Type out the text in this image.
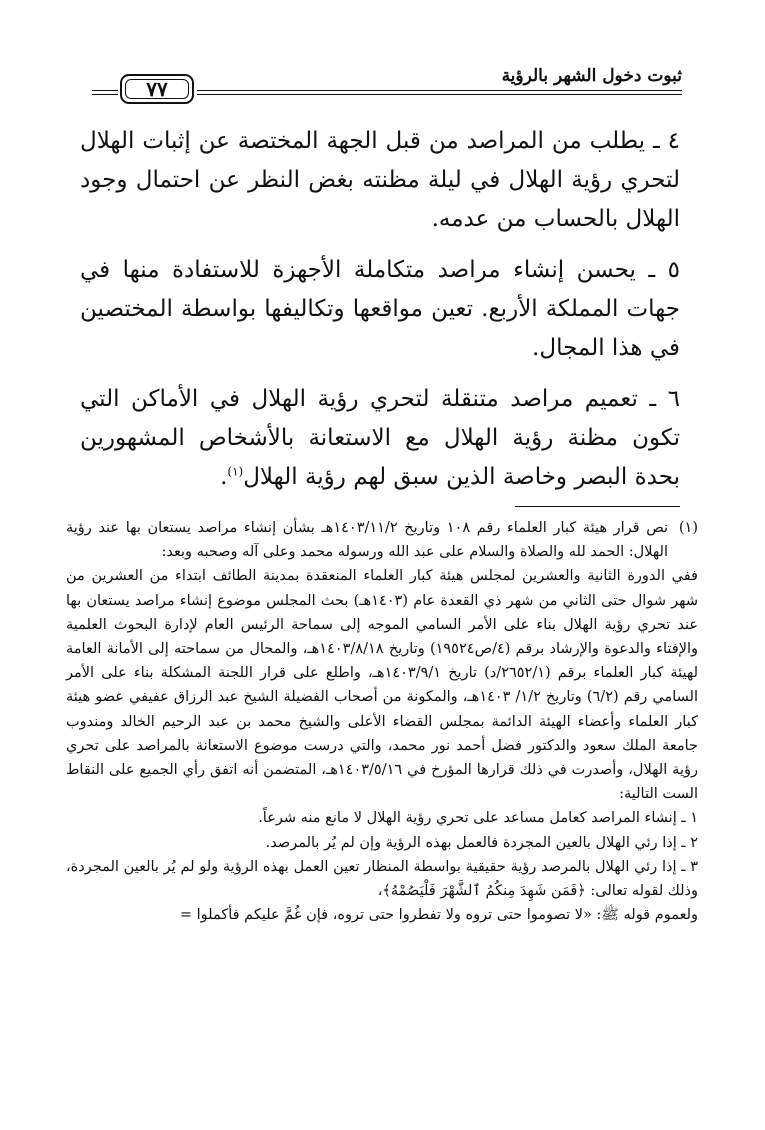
ثبوت دخول الشهر بالرؤية
٧٧

٤ ـ يطلب من المراصد من قبل الجهة المختصة عن إثبات الهلال لتحري رؤية الهلال في ليلة مظنته بغض النظر عن احتمال وجود الهلال بالحساب من عدمه.

٥ ـ يحسن إنشاء مراصد متكاملة الأجهزة للاستفادة منها في جهات المملكة الأربع. تعين مواقعها وتكاليفها بواسطة المختصين في هذا المجال.

٦ ـ تعميم مراصد متنقلة لتحري رؤية الهلال في الأماكن التي تكون مظنة رؤية الهلال مع الاستعانة بالأشخاص المشهورين بحدة البصر وخاصة الذين سبق لهم رؤية الهلال$^{(١)}$.

(١)
نص قرار هيئة كبار العلماء رقم ١٠٨ وتاريخ ١٤٠٣/١١/٢هـ بشأن إنشاء مراصد يستعان بها عند رؤية الهلال: الحمد لله والصلاة والسلام على عبد الله ورسوله محمد وعلى آله وصحبه وبعد:
ففي الدورة الثانية والعشرين لمجلس هيئة كبار العلماء المنعقدة بمدينة الطائف ابتداء من العشرين من شهر شوال حتى الثاني من شهر ذي القعدة عام (١٤٠٣هـ) بحث المجلس موضوع إنشاء مراصد يستعان بها عند تحري رؤية الهلال بناء على الأمر السامي الموجه إلى سماحة الرئيس العام لإدارة البحوث العلمية والإفتاء والدعوة والإرشاد برقم (٤/ص١٩٥٢٤) وتاريخ ١٤٠٣/٨/١٨هـ، والمحال من سماحته إلى الأمانة العامة لهيئة كبار العلماء برقم (٢٦٥٢/١/د) تاريخ ١٤٠٣/٩/١هـ، واطلع على قرار اللجنة المشكلة بناء على الأمر السامي رقم (٦/٢) وتاريخ ١/٢/ ١٤٠٣هـ، والمكونة من أصحاب الفضيلة الشيخ عبد الرزاق عفيفي عضو هيئة كبار العلماء وأعضاء الهيئة الدائمة بمجلس القضاء الأعلى والشيخ محمد بن عبد الرحيم الخالد ومندوب جامعة الملك سعود والدكتور فضل أحمد نور محمد، والتي درست موضوع الاستعانة بالمراصد على تحري رؤية الهلال، وأصدرت في ذلك قرارها المؤرخ في ١٤٠٣/٥/١٦هـ، المتضمن أنه اتفق رأي الجميع على النقاط الست التالية:
١ ـ إنشاء المراصد كعامل مساعد على تحري رؤية الهلال لا مانع منه شرعاً.
٢ ـ إذا رئي الهلال بالعين المجردة فالعمل بهذه الرؤية وإن لم يُر بالمرصد.
٣ ـ إذا رئي الهلال بالمرصد رؤية حقيقية بواسطة المنظار تعين العمل بهذه الرؤية ولو لم يُر بالعين المجردة، وذلك لقوله تعالى: ﴿فَمَن شَهِدَ مِنكُمُ ٱلشَّهْرَ فَلْيَصُمْهُ﴾،
ولعموم قوله ﷺ: «لا تصوموا حتى تروه ولا تفطروا حتى تروه، فإن غُمَّ عليكم فأكملوا =
